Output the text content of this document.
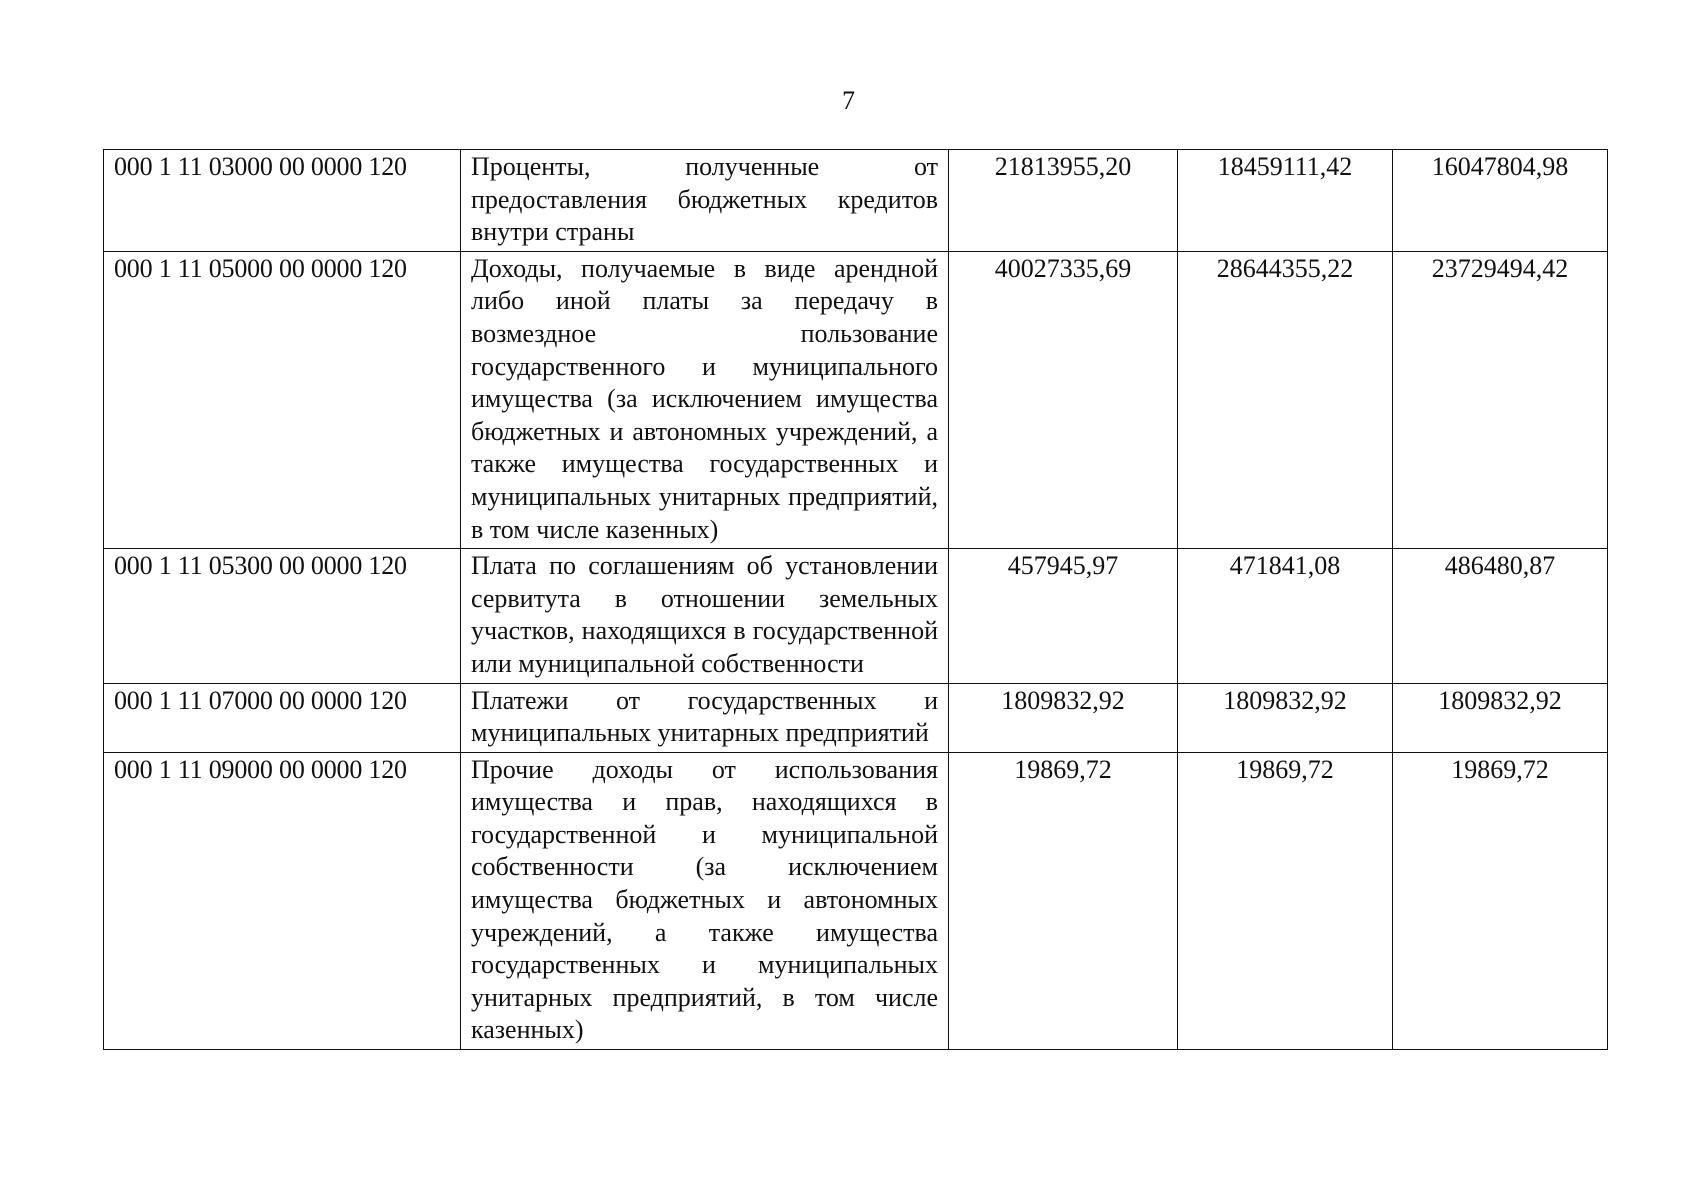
7
000 1 11 03000 00 0000 120	Проценты, полученные от предоставления бюджетных кредитов внутри страны	21813955,20	18459111,42	16047804,98
000 1 11 05000 00 0000 120	Доходы, получаемые в виде арендной либо иной платы за передачу в возмездное пользование государственного и муниципального имущества (за исключением имущества бюджетных и автономных учреждений, а также имущества государственных и муниципальных унитарных предприятий, в том числе казенных)	40027335,69	28644355,22	23729494,42
000 1 11 05300 00 0000 120	Плата по соглашениям об установлении сервитута в отношении земельных участков, находящихся в государственной или муниципальной собственности	457945,97	471841,08	486480,87
000 1 11 07000 00 0000 120	Платежи от государственных и муниципальных унитарных предприятий	1809832,92	1809832,92	1809832,92
000 1 11 09000 00 0000 120	Прочие доходы от использования имущества и прав, находящихся в государственной и муниципальной собственности (за исключением имущества бюджетных и автономных учреждений, а также имущества государственных и муниципальных унитарных предприятий, в том числе казенных)	19869,72	19869,72	19869,72
